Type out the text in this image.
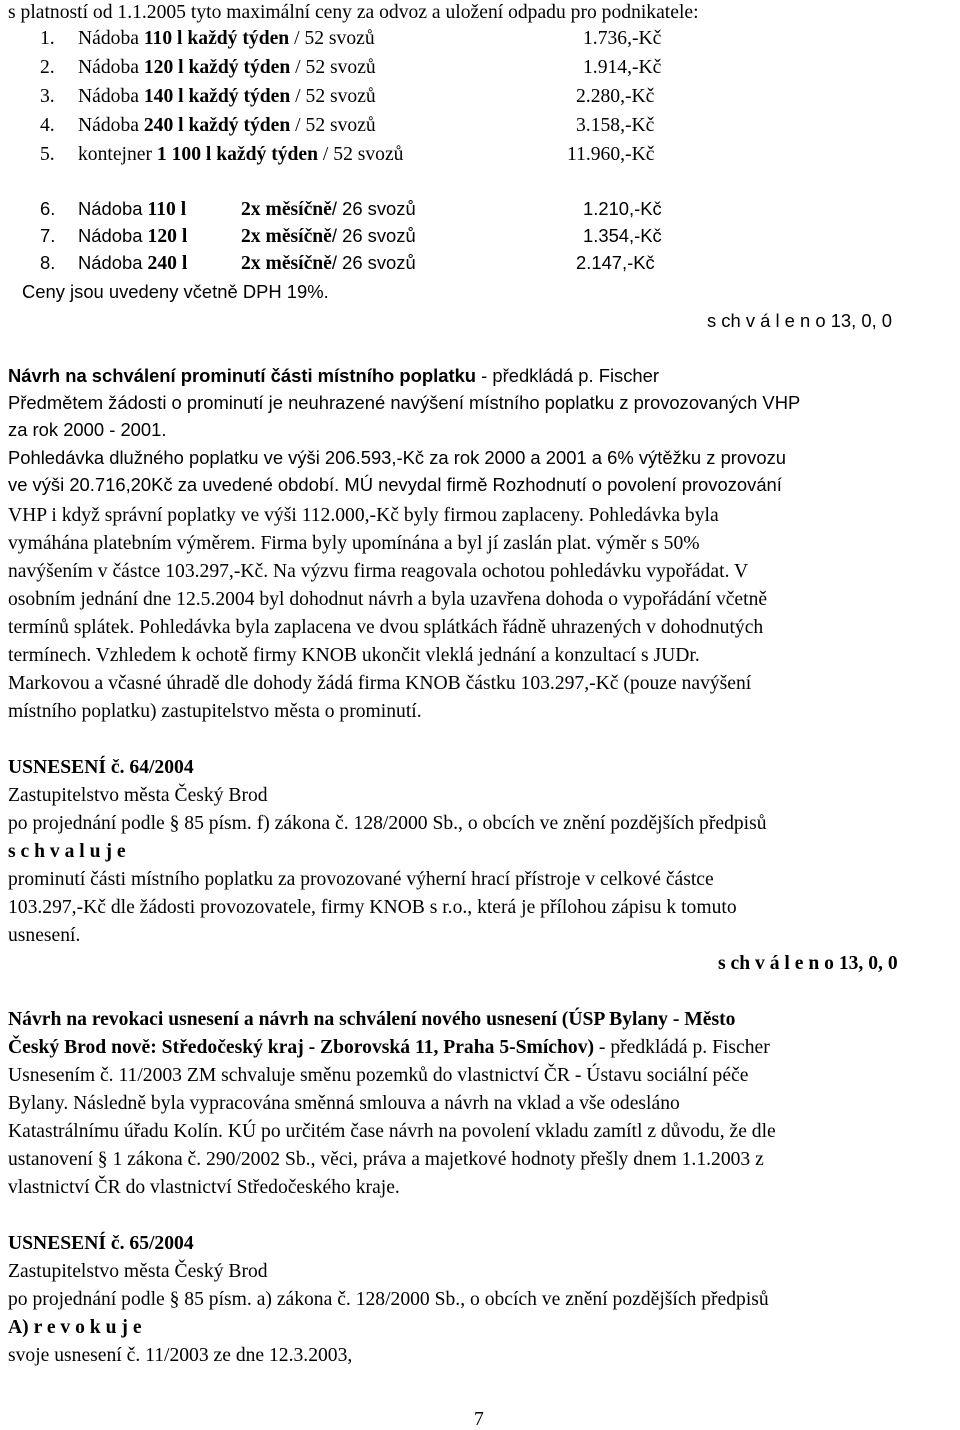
s platností od 1.1.2005 tyto maximální ceny za odvoz a uložení odpadu pro podnikatele:
1. Nádoba 110 l každý týden / 52 svozů	1.736,-Kč
2. Nádoba 120 l každý týden / 52 svozů	1.914,-Kč
3. Nádoba 140 l každý týden / 52 svozů	2.280,-Kč
4. Nádoba 240 l každý týden / 52 svozů	3.158,-Kč
5. kontejner 1 100 l každý týden / 52 svozů	11.960,-Kč
6. Nádoba 110 l	2x měsíčně/ 26 svozů	1.210,-Kč
7. Nádoba 120 l	2x měsíčně/ 26 svozů	1.354,-Kč
8. Nádoba 240 l	2x měsíčně/ 26 svozů	2.147,-Kč
Ceny jsou uvedeny včetně DPH 19%.
s ch v á l e n o 13, 0, 0
Návrh na schválení prominutí části místního poplatku - předkládá p. Fischer
Předmětem žádosti o prominutí je neuhrazené navýšení místního poplatku z provozovaných VHP
za rok 2000 - 2001.
Pohledávka dlužného poplatku ve výši 206.593,-Kč za rok 2000 a 2001 a 6% výtěžku z provozu
ve výši 20.716,20Kč za uvedené období. MÚ nevydal firmě Rozhodnutí o povolení provozování
VHP i když správní poplatky ve výši 112.000,-Kč byly firmou zaplaceny. Pohledávka byla
vymáhána platebním výměrem. Firma byly upomínána a byl jí zaslán plat. výměr s 50%
navýšením v částce 103.297,-Kč. Na výzvu firma reagovala ochotou pohledávku vypořádat. V
osobním jednání dne 12.5.2004 byl dohodnut návrh a byla uzavřena dohoda o vypořádání včetně
termínů splátek. Pohledávka byla zaplacena ve dvou splátkách řádně uhrazených v dohodnutých
termínech. Vzhledem k ochotě firmy KNOB ukončit vleklá jednání a konzultací s JUDr.
Markovou a včasné úhradě dle dohody žádá firma KNOB částku 103.297,-Kč (pouze navýšení
místního poplatku) zastupitelstvo města o prominutí.
USNESENÍ č. 64/2004
Zastupitelstvo města Český Brod
po projednání podle § 85 písm. f) zákona č. 128/2000 Sb., o obcích ve znění pozdějších předpisů
s c h v a l u j e
prominutí části místního poplatku za provozované výherní hrací přístroje v celkové částce
103.297,-Kč dle žádosti provozovatele, firmy KNOB s r.o., která je přílohou zápisu k tomuto
usnesení.
s ch v á l e n o 13, 0, 0
Návrh na revokaci usnesení a návrh na schválení nového usnesení (ÚSP Bylany - Město
Český Brod nově: Středočeský kraj - Zborovská 11, Praha 5-Smíchov) - předkládá p. Fischer
Usnesením č. 11/2003 ZM schvaluje směnu pozemků do vlastnictví ČR - Ústavu sociální péče
Bylany. Následně byla vypracována směnná smlouva a návrh na vklad a vše odesláno
Katastrálnímu úřadu Kolín. KÚ po určitém čase návrh na povolení vkladu zamítl z důvodu, že dle
ustanovení § 1 zákona č. 290/2002 Sb., věci, práva a majetkové hodnoty přešly dnem 1.1.2003 z
vlastnictví ČR do vlastnictví Středočeského kraje.
USNESENÍ č. 65/2004
Zastupitelstvo města Český Brod
po projednání podle § 85 písm. a) zákona č. 128/2000 Sb., o obcích ve znění pozdějších předpisů
A) r e v o k u j e
svoje usnesení č. 11/2003 ze dne 12.3.2003,
7
